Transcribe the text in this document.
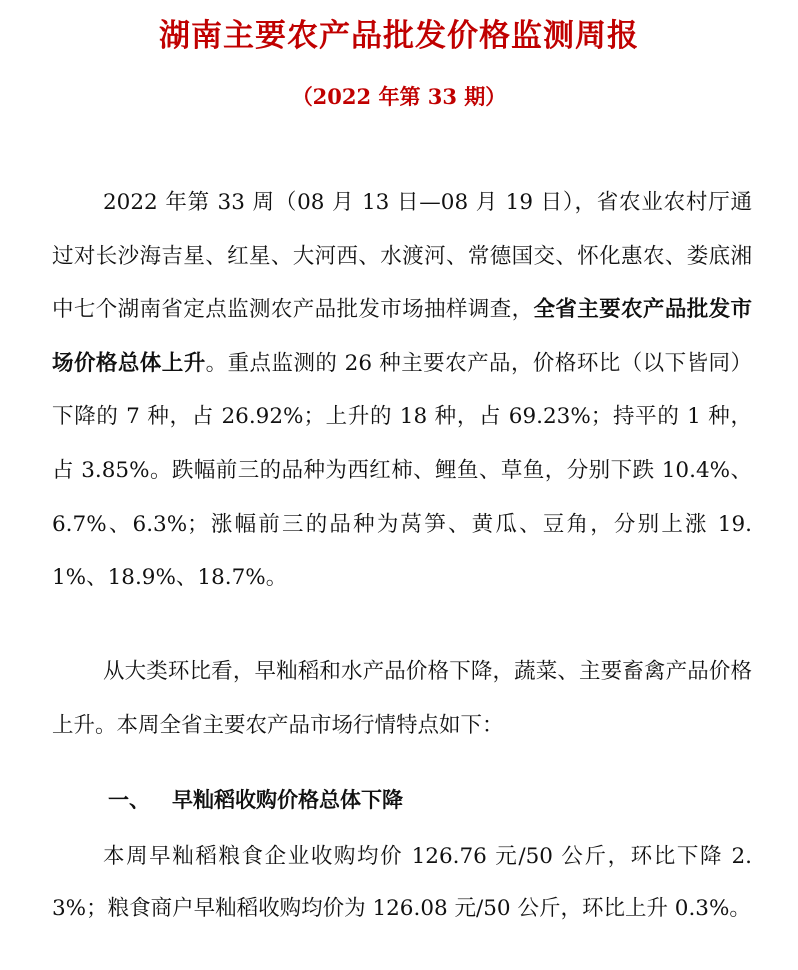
湖南主要农产品批发价格监测周报
（2022 年第 33 期）

2022 年第 33 周（08 月 13 日—08 月 19 日），省农业农村厅通过对长沙海吉星、红星、大河西、水渡河、常德国交、怀化惠农、娄底湘中七个湖南省定点监测农产品批发市场抽样调查，全省主要农产品批发市场价格总体上升。重点监测的 26 种主要农产品，价格环比（以下皆同）下降的 7 种，占 26.92%；上升的 18 种，占 69.23%；持平的 1 种，占 3.85%。跌幅前三的品种为西红柿、鲤鱼、草鱼，分别下跌 10.4%、6.7%、6.3%；涨幅前三的品种为莴笋、黄瓜、豆角，分别上涨 19.1%、18.9%、18.7%。

从大类环比看，早籼稻和水产品价格下降，蔬菜、主要畜禽产品价格上升。本周全省主要农产品市场行情特点如下：

一、 早籼稻收购价格总体下降

本周早籼稻粮食企业收购均价 126.76 元/50 公斤，环比下降 2.3%；粮食商户早籼稻收购均价为 126.08 元/50 公斤，环比上升 0.3%。
